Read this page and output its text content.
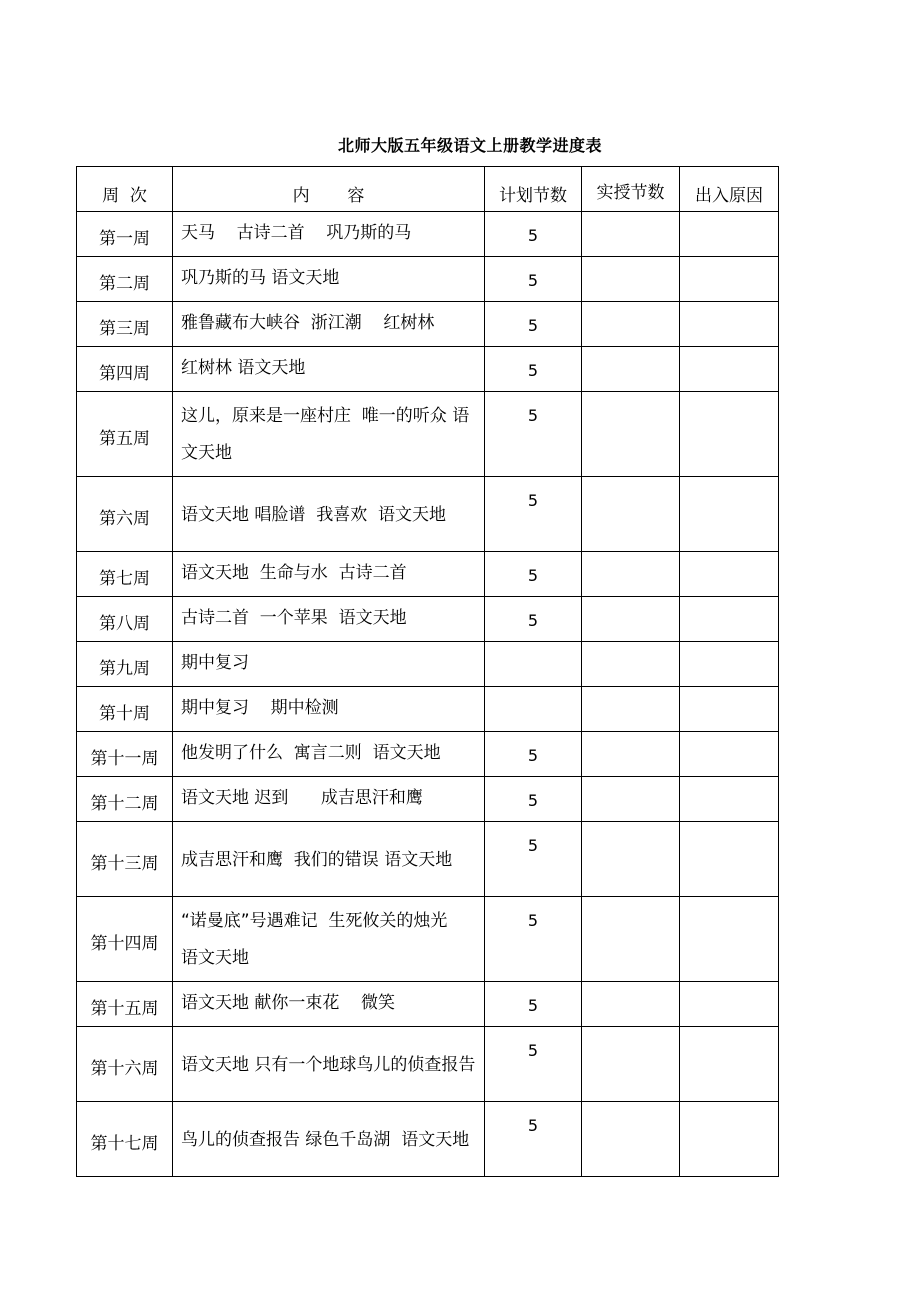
北师大版五年级语文上册教学进度表
周  次	内       容	计划节数	实授节数	出入原因
第一周	天马    古诗二首    巩乃斯的马	5		
第二周	巩乃斯的马 语文天地	5		
第三周	雅鲁藏布大峡谷  浙江潮    红树林	5		
第四周	红树林 语文天地	5		
第五周	这儿，原来是一座村庄  唯一的听众 语文天地	5		
第六周	语文天地 唱脸谱  我喜欢  语文天地	5		
第七周	语文天地  生命与水  古诗二首	5		
第八周	古诗二首  一个苹果  语文天地	5		
第九周	期中复习			
第十周	期中复习    期中检测			
第十一周	他发明了什么  寓言二则  语文天地	5		
第十二周	语文天地 迟到      成吉思汗和鹰	5		
第十三周	成吉思汗和鹰  我们的错误 语文天地	5		
第十四周	“诺曼底”号遇难记  生死攸关的烛光    语文天地	5		
第十五周	语文天地 献你一束花    微笑	5		
第十六周	语文天地 只有一个地球鸟儿的侦查报告	5		
第十七周	鸟儿的侦查报告 绿色千岛湖  语文天地	5		
